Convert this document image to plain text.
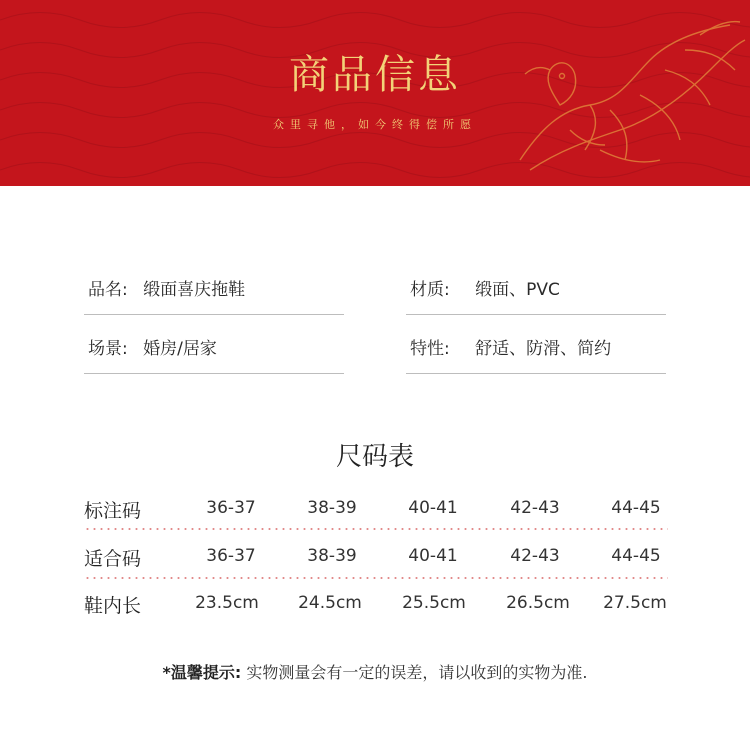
商品信息
众里寻他，如今终得偿所愿
品名: 缎面喜庆拖鞋	材质: 缎面、PVC
场景: 婚房/居家	特性: 舒适、防滑、简约
尺码表
标注码	36-37	38-39	40-41	42-43	44-45
适合码	36-37	38-39	40-41	42-43	44-45
鞋内长	23.5cm	24.5cm	25.5cm	26.5cm	27.5cm
*温馨提示: 实物测量会有一定的误差，请以收到的实物为准.
